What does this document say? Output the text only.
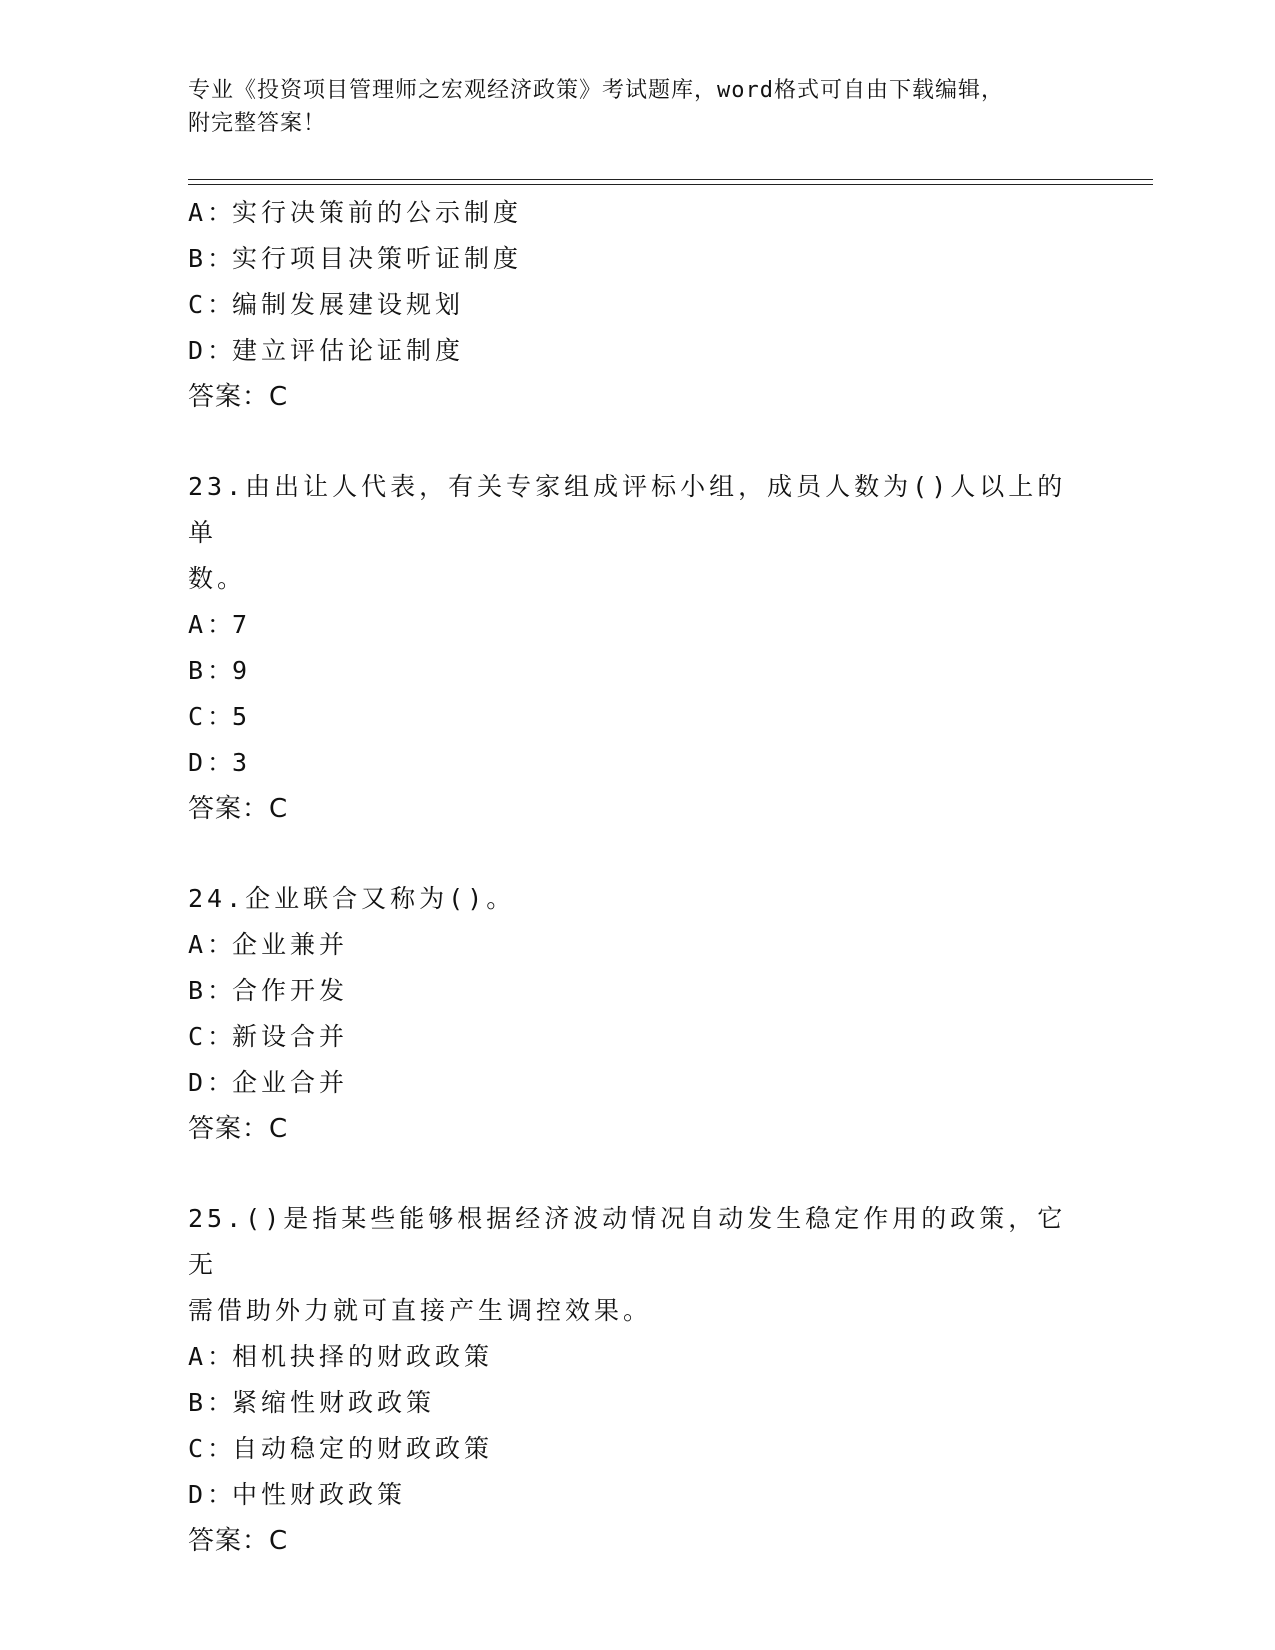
专业《投资项目管理师之宏观经济政策》考试题库，word格式可自由下载编辑，
附完整答案！
A：
实行决策前的公示制度
B：
实行项目决策听证制度
C：
编制发展建设规划
D：
建立评估论证制度
答案：C
23.由出让人代表，有关专家组成评标小组，成员人数为()人以上的单
数。
A：
7
B：
9
C：
5
D：
3
答案：C
24.企业联合又称为()。
A：
企业兼并
B：
合作开发
C：
新设合并
D：
企业合并
答案：C
25.()是指某些能够根据经济波动情况自动发生稳定作用的政策，它无
需借助外力就可直接产生调控效果。
A：
相机抉择的财政政策
B：
紧缩性财政政策
C：
自动稳定的财政政策
D：
中性财政政策
答案：C
